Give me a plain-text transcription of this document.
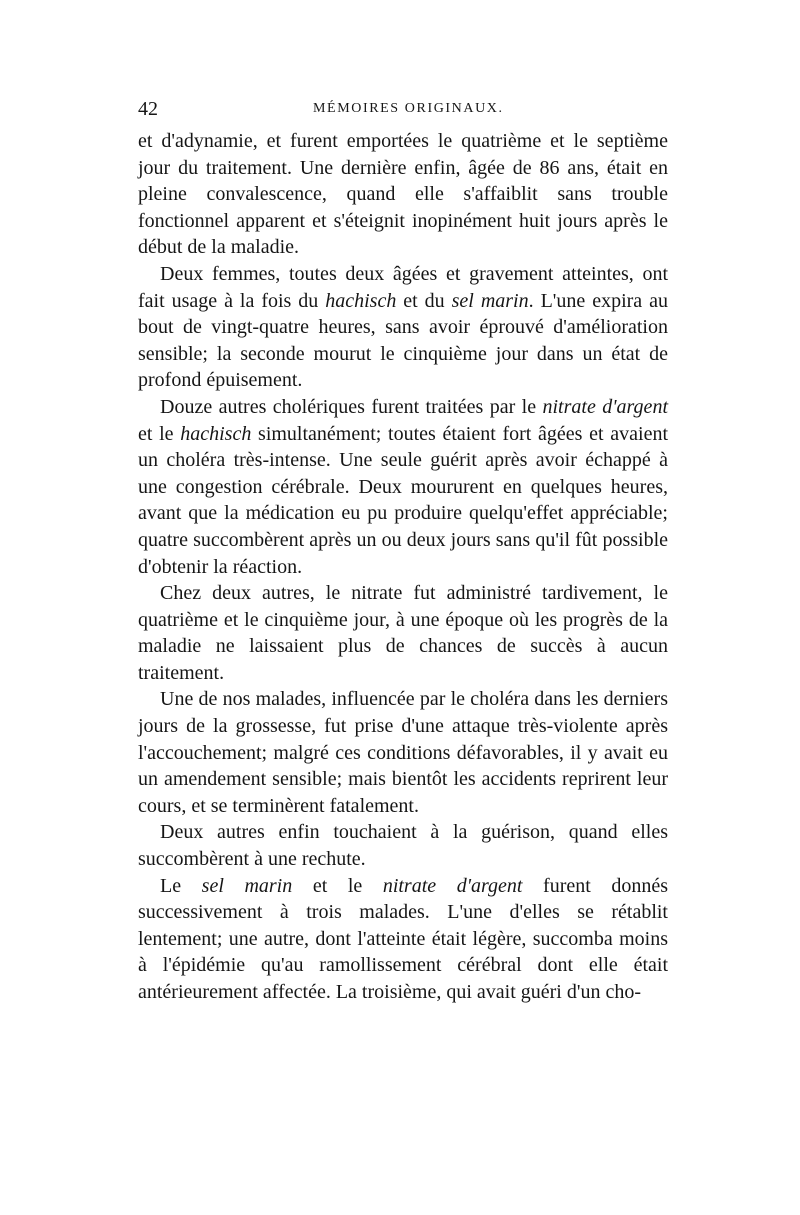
42	MÉMOIRES ORIGINAUX.

et d'adynamie, et furent emportées le quatrième et le septième jour du traitement. Une dernière enfin, âgée de 86 ans, était en pleine convalescence, quand elle s'affaiblit sans trouble fonctionnel apparent et s'éteignit inopinément huit jours après le début de la maladie.

Deux femmes, toutes deux âgées et gravement atteintes, ont fait usage à la fois du hachisch et du sel marin. L'une expira au bout de vingt-quatre heures, sans avoir éprouvé d'amélioration sensible; la seconde mourut le cinquième jour dans un état de profond épuisement.

Douze autres cholériques furent traitées par le nitrate d'argent et le hachisch simultanément; toutes étaient fort âgées et avaient un choléra très-intense. Une seule guérit après avoir échappé à une congestion cérébrale. Deux moururent en quelques heures, avant que la médication eu pu produire quelqu'effet appréciable; quatre succombèrent après un ou deux jours sans qu'il fût possible d'obtenir la réaction.

Chez deux autres, le nitrate fut administré tardivement, le quatrième et le cinquième jour, à une époque où les progrès de la maladie ne laissaient plus de chances de succès à aucun traitement.

Une de nos malades, influencée par le choléra dans les derniers jours de la grossesse, fut prise d'une attaque très-violente après l'accouchement; malgré ces conditions défavorables, il y avait eu un amendement sensible; mais bientôt les accidents reprirent leur cours, et se terminèrent fatalement.

Deux autres enfin touchaient à la guérison, quand elles succombèrent à une rechute.

Le sel marin et le nitrate d'argent furent donnés successivement à trois malades. L'une d'elles se rétablit lentement; une autre, dont l'atteinte était légère, succomba moins à l'épidémie qu'au ramollissement cérébral dont elle était antérieurement affectée. La troisième, qui avait guéri d'un cho-
